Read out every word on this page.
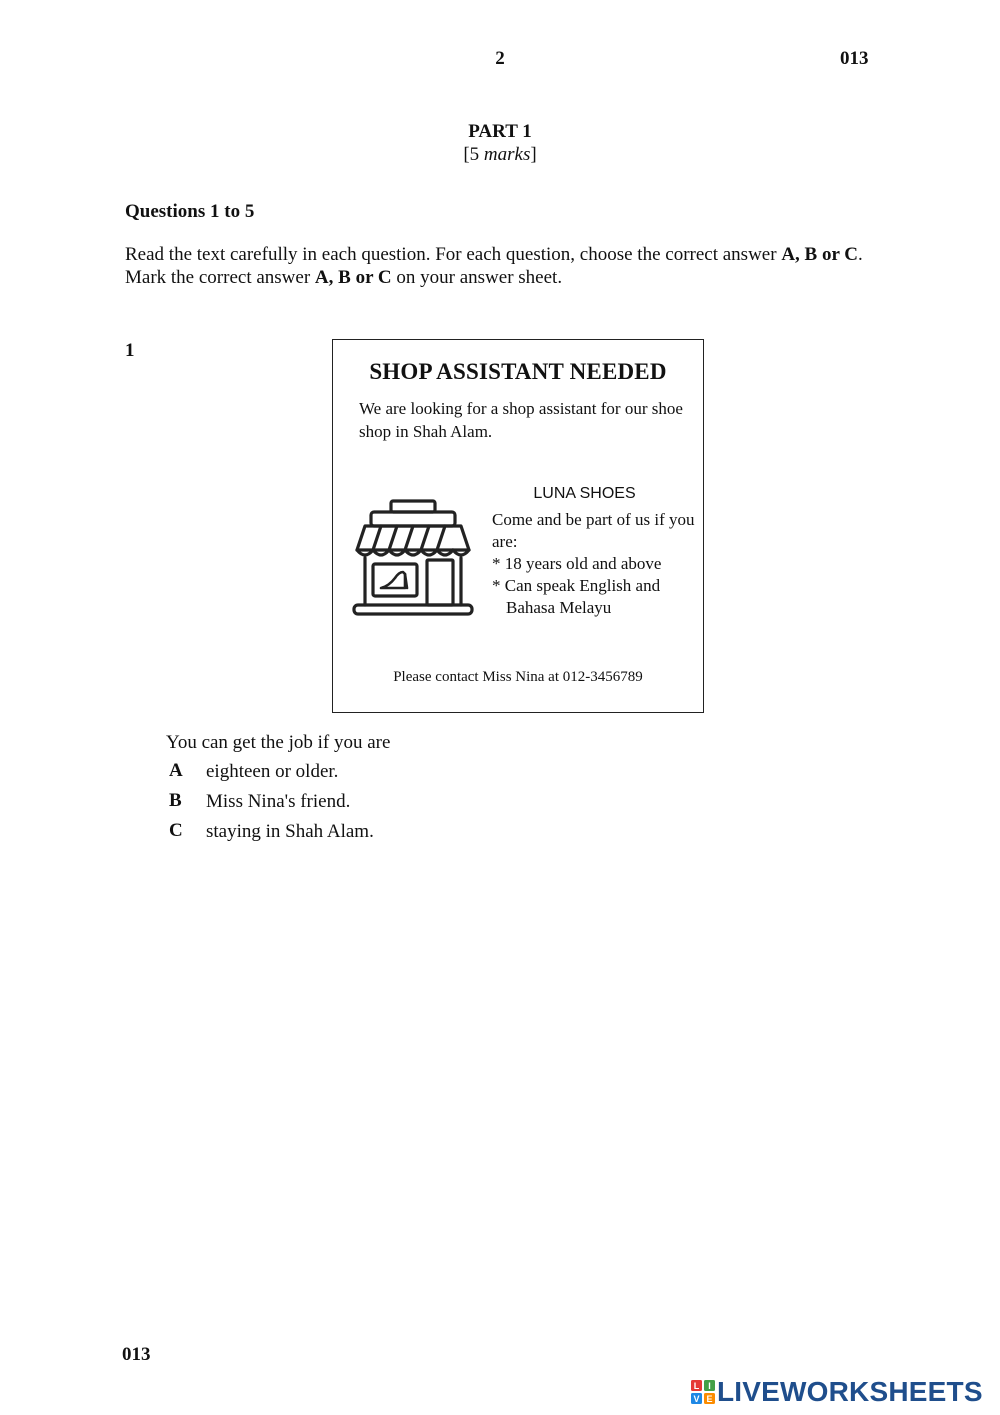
2	013
PART 1
[5 marks]
Questions 1 to 5
Read the text carefully in each question. For each question, choose the correct answer A, B or C. Mark the correct answer A, B or C on your answer sheet.
1
SHOP ASSISTANT NEEDED
We are looking for a shop assistant for our shoe shop in Shah Alam.
LUNA SHOES
Come and be part of us if you are:
* 18 years old and above
* Can speak English and Bahasa Melayu
Please contact Miss Nina at 012-3456789
You can get the job if you are
A eighteen or older.
B Miss Nina's friend.
C staying in Shah Alam.
013
L I
V E LIVEWORKSHEETS
